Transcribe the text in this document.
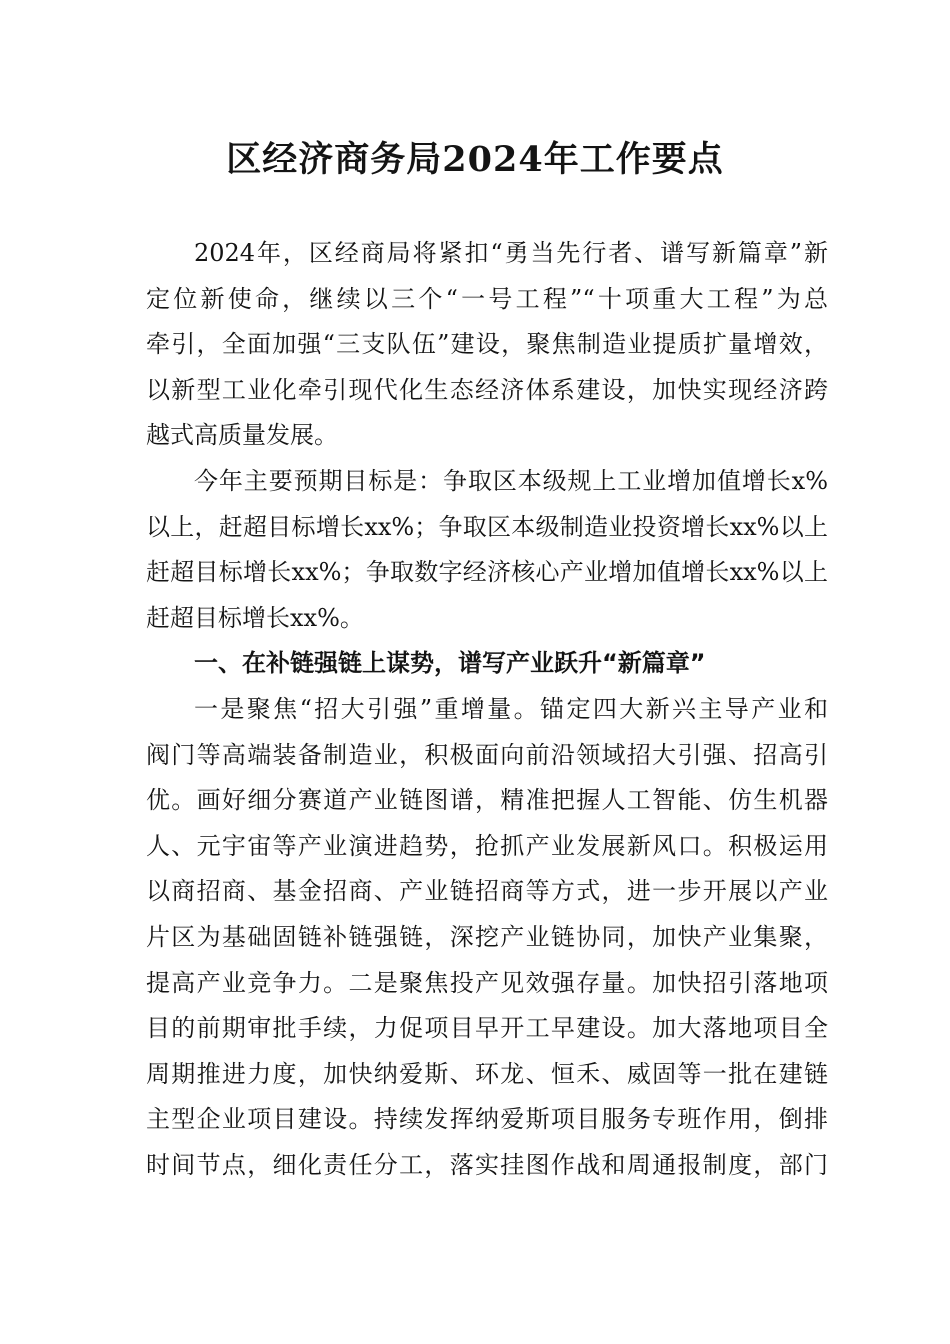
区经济商务局2024年工作要点
2024年，区经商局将紧扣“勇当先行者、谱写新篇章”新
定位新使命，继续以三个“一号工程”“十项重大工程”为总
牵引，全面加强“三支队伍”建设，聚焦制造业提质扩量增效，
以新型工业化牵引现代化生态经济体系建设，加快实现经济跨
越式高质量发展。
今年主要预期目标是：争取区本级规上工业增加值增长x%
以上，赶超目标增长xx%；争取区本级制造业投资增长xx%以上
赶超目标增长xx%；争取数字经济核心产业增加值增长xx%以上
赶超目标增长xx%。
一、在补链强链上谋势，谱写产业跃升“新篇章”
一是聚焦“招大引强”重增量。锚定四大新兴主导产业和
阀门等高端装备制造业，积极面向前沿领域招大引强、招高引
优。画好细分赛道产业链图谱，精准把握人工智能、仿生机器
人、元宇宙等产业演进趋势，抢抓产业发展新风口。积极运用
以商招商、基金招商、产业链招商等方式，进一步开展以产业
片区为基础固链补链强链，深挖产业链协同，加快产业集聚，
提高产业竞争力。二是聚焦投产见效强存量。加快招引落地项
目的前期审批手续，力促项目早开工早建设。加大落地项目全
周期推进力度，加快纳爱斯、环龙、恒禾、威固等一批在建链
主型企业项目建设。持续发挥纳爱斯项目服务专班作用，倒排
时间节点，细化责任分工，落实挂图作战和周通报制度，部门
